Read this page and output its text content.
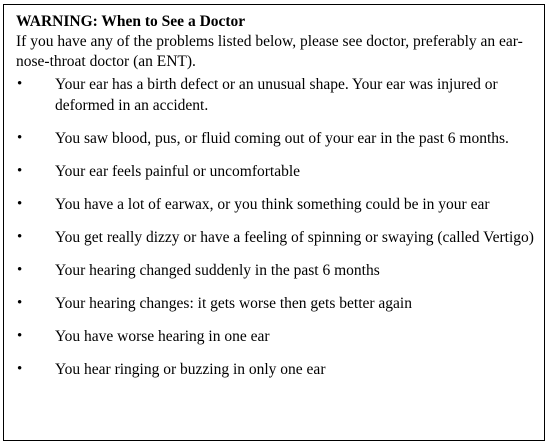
WARNING: When to See a Doctor

If you have any of the problems listed below, please see doctor, preferably an ear-nose-throat doctor (an ENT).

• Your ear has a birth defect or an unusual shape. Your ear was injured or deformed in an accident.
• You saw blood, pus, or fluid coming out of your ear in the past 6 months.
• Your ear feels painful or uncomfortable
• You have a lot of earwax, or you think something could be in your ear
• You get really dizzy or have a feeling of spinning or swaying (called Vertigo)
• Your hearing changed suddenly in the past 6 months
• Your hearing changes: it gets worse then gets better again
• You have worse hearing in one ear
• You hear ringing or buzzing in only one ear
